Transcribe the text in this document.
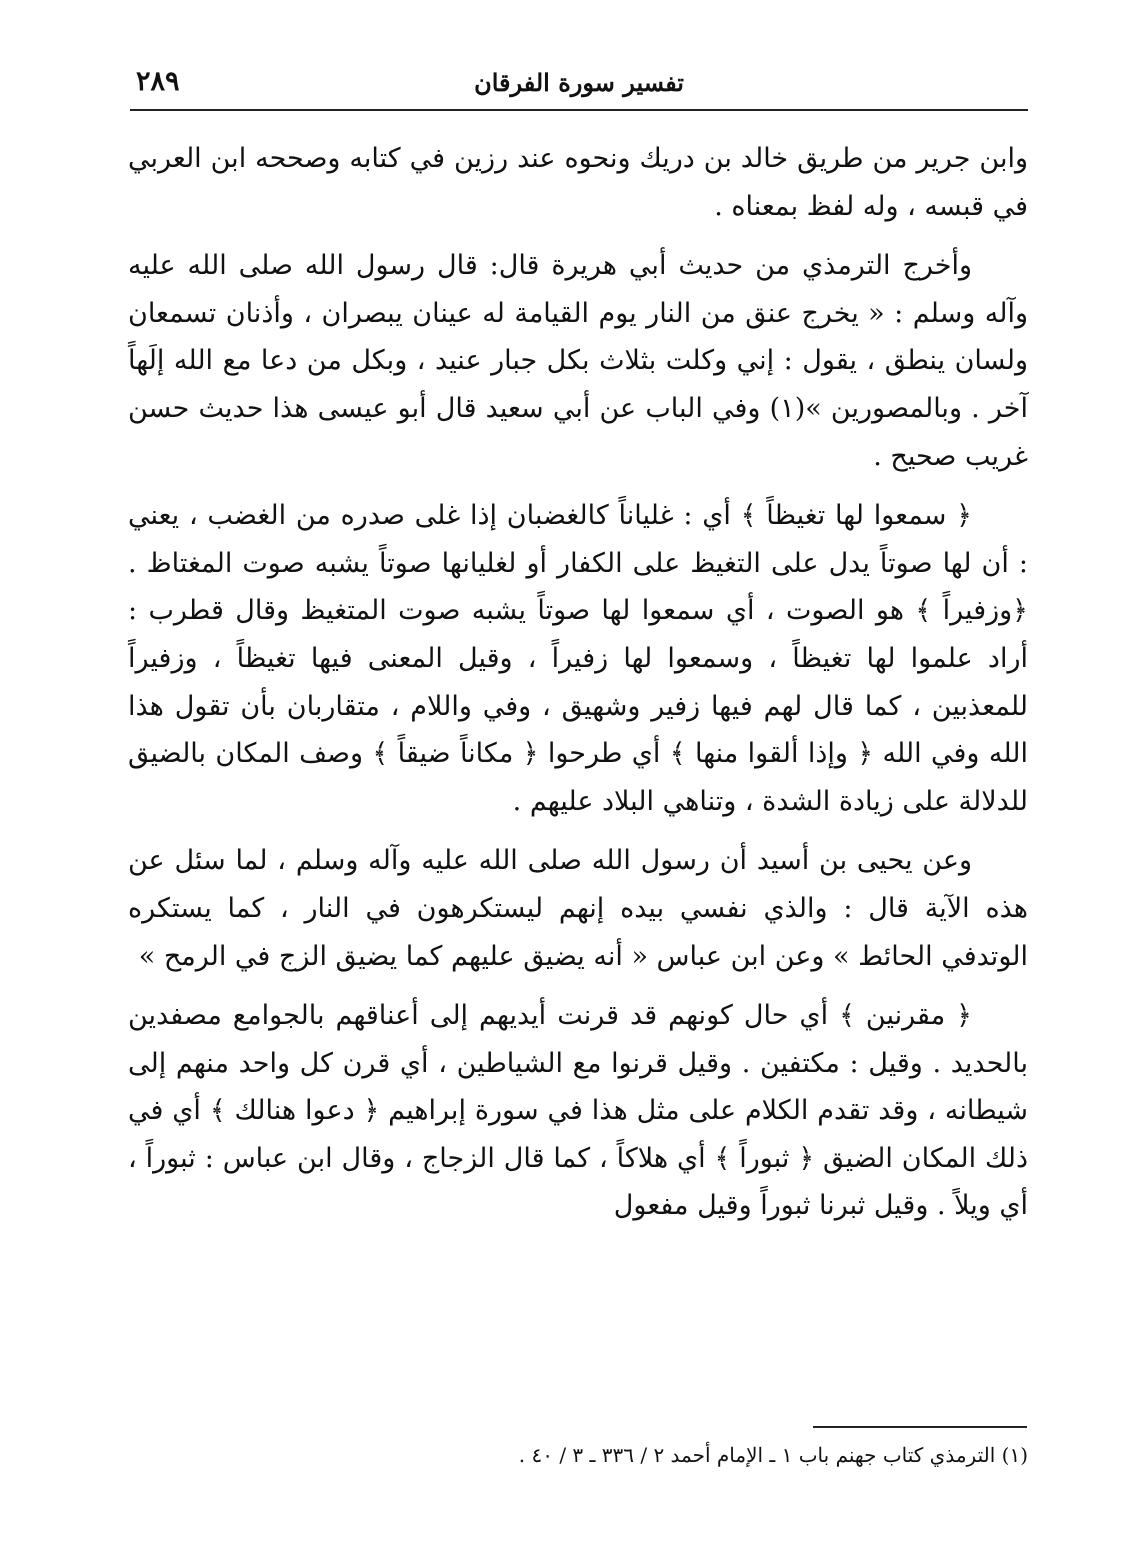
تفسير سورة الفرقان
٢٨٩

وابن جرير من طريق خالد بن دريك ونحوه عند رزين في كتابه وصححه ابن العربي في قبسه ، وله لفظ بمعناه .

وأخرج الترمذي من حديث أبي هريرة قال: قال رسول الله صلى الله عليه وآله وسلم : « يخرج عنق من النار يوم القيامة له عينان يبصران ، وأذنان تسمعان ولسان ينطق ، يقول : إني وكلت بثلاث بكل جبار عنيد ، وبكل من دعا مع الله إلَهاً آخر . وبالمصورين »(١) وفي الباب عن أبي سعيد قال أبو عيسى هذا حديث حسن غريب صحيح .

﴿ سمعوا لها تغيظاً ﴾ أي : غلياناً كالغضبان إذا غلى صدره من الغضب ، يعني : أن لها صوتاً يدل على التغيظ على الكفار أو لغليانها صوتاً يشبه صوت المغتاظ . ﴿وزفيراً ﴾ هو الصوت ، أي سمعوا لها صوتاً يشبه صوت المتغيظ وقال قطرب : أراد علموا لها تغيظاً ، وسمعوا لها زفيراً ، وقيل المعنى فيها تغيظاً ، وزفيراً للمعذبين ، كما قال لهم فيها زفير وشهيق ، وفي واللام ، متقاربان بأن تقول هذا الله وفي الله ﴿ وإذا ألقوا منها ﴾ أي طرحوا ﴿ مكاناً ضيقاً ﴾ وصف المكان بالضيق للدلالة على زيادة الشدة ، وتناهي البلاد عليهم .

وعن يحيى بن أسيد أن رسول الله صلى الله عليه وآله وسلم ، لما سئل عن هذه الآية قال : والذي نفسي بيده إنهم ليستكرهون في النار ، كما يستكره الوتدفي الحائط » وعن ابن عباس « أنه يضيق عليهم كما يضيق الزج في الرمح »

﴿ مقرنين ﴾ أي حال كونهم قد قرنت أيديهم إلى أعناقهم بالجوامع مصفدين بالحديد . وقيل : مكتفين . وقيل قرنوا مع الشياطين ، أي قرن كل واحد منهم إلى شيطانه ، وقد تقدم الكلام على مثل هذا في سورة إبراهيم ﴿ دعوا هنالك ﴾ أي في ذلك المكان الضيق ﴿ ثبوراً ﴾ أي هلاكاً ، كما قال الزجاج ، وقال ابن عباس : ثبوراً ، أي ويلاً . وقيل ثبرنا ثبوراً وقيل مفعول

(١) الترمذي كتاب جهنم باب ١ ـ الإمام أحمد ٢ / ٣٣٦ ـ ٣ / ٤٠ .
